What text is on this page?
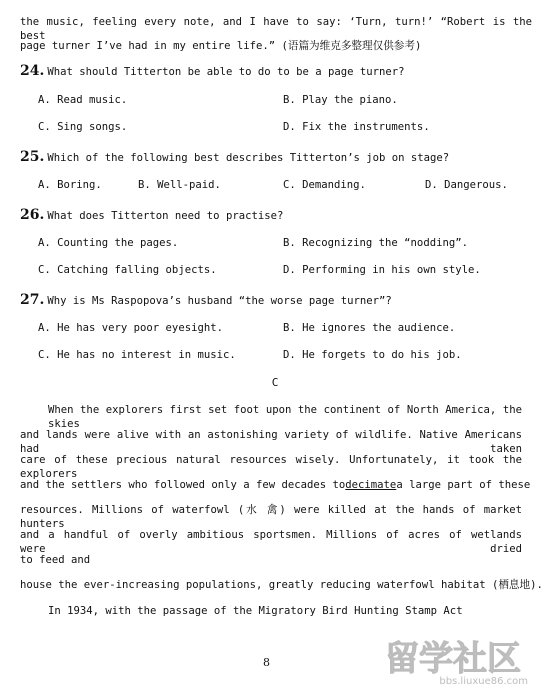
the music, feeling every note, and I have to say: ‘Turn, turn!’ “Robert is the best
page turner I’ve had in my entire life.” (语篇为维克多整理仅供参考)
24. What should Titterton be able to do to be a page turner?
A. Read music.	B. Play the piano.
C. Sing songs.	D. Fix the instruments.
25. Which of the following best describes Titterton’s job on stage?
A. Boring.	B. Well-paid.	C. Demanding.	D. Dangerous.
26. What does Titterton need to practise?
A. Counting the pages.	B. Recognizing the “nodding”.
C. Catching falling objects.	D. Performing in his own style.
27. Why is Ms Raspopova’s husband “the worse page turner”?
A. He has very poor eyesight.	B. He ignores the audience.
C. He has no interest in music.	D. He forgets to do his job.
C
When the explorers first set foot upon the continent of North America, the skies
and lands were alive with an astonishing variety of wildlife. Native Americans had taken
care of these precious natural resources wisely. Unfortunately, it took the explorers
and the settlers who followed only a few decades to decimate a large part of these
resources. Millions of waterfowl (水 禽) were killed at the hands of market hunters
and a handful of overly ambitious sportsmen. Millions of acres of wetlands were dried
to feed and
house the ever-increasing populations, greatly reducing waterfowl habitat (栖息地).
In 1934, with the passage of the Migratory Bird Hunting Stamp Act
8	留学社区
bbs.liuxue86.com
